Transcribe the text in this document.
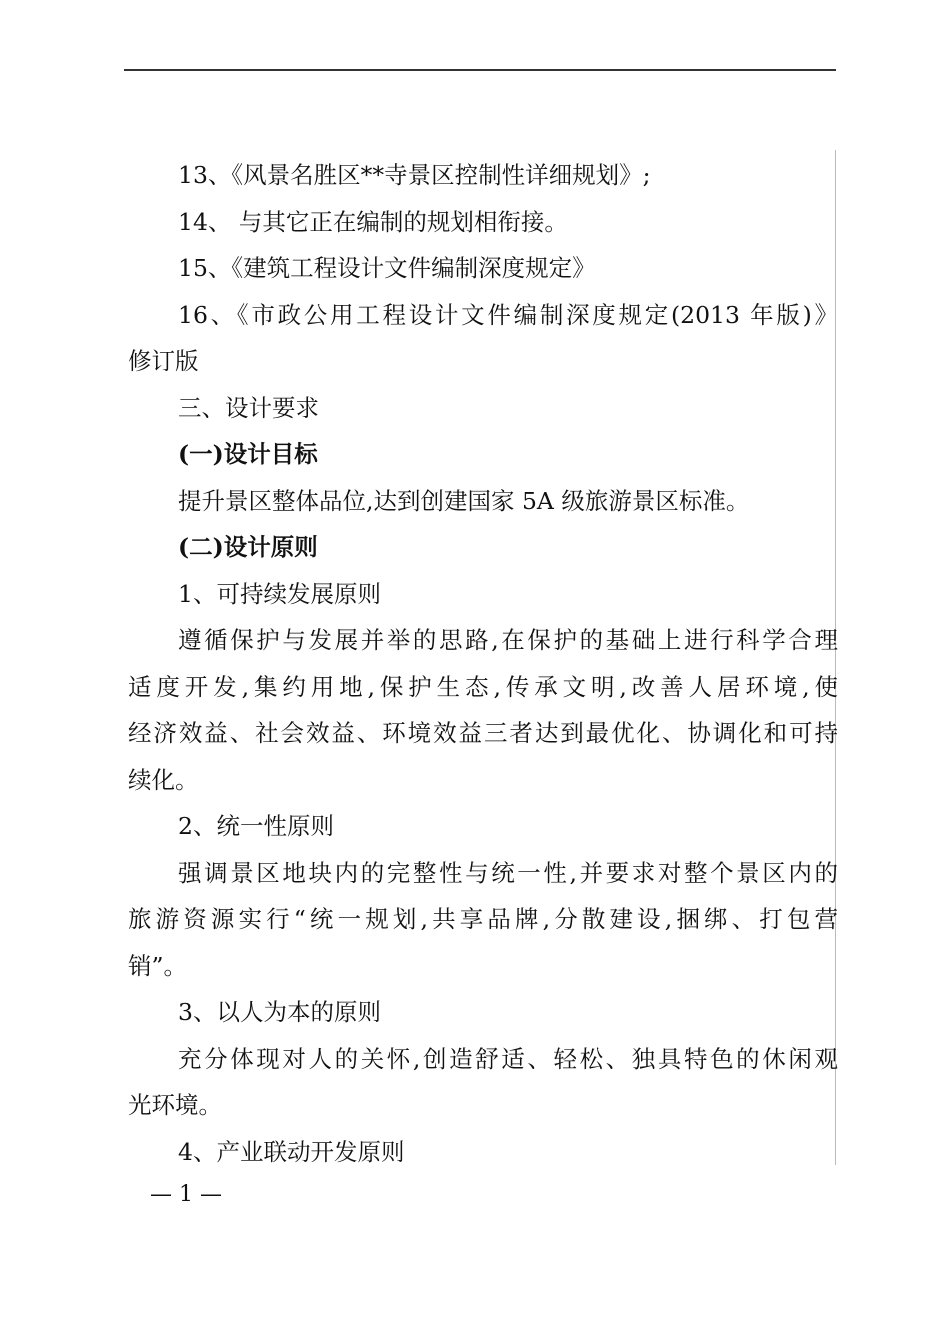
13、《风景名胜区**寺景区控制性详细规划》;
14、 与其它正在编制的规划相衔接。
15、《建筑工程设计文件编制深度规定》
16、《市政公用工程设计文件编制深度规定(2013 年版)》
修订版
三、设计要求
(一)设计目标
提升景区整体品位,达到创建国家 5A 级旅游景区标准。
(二)设计原则
1、可持续发展原则
遵循保护与发展并举的思路,在保护的基础上进行科学合理
适度开发,集约用地,保护生态,传承文明,改善人居环境,使
经济效益、社会效益、环境效益三者达到最优化、协调化和可持
续化。
2、统一性原则
强调景区地块内的完整性与统一性,并要求对整个景区内的
旅游资源实行“统一规划,共享品牌,分散建设,捆绑、打包营
销”。
3、以人为本的原则
充分体现对人的关怀,创造舒适、轻松、独具特色的休闲观
光环境。
4、产业联动开发原则
— 1 —
